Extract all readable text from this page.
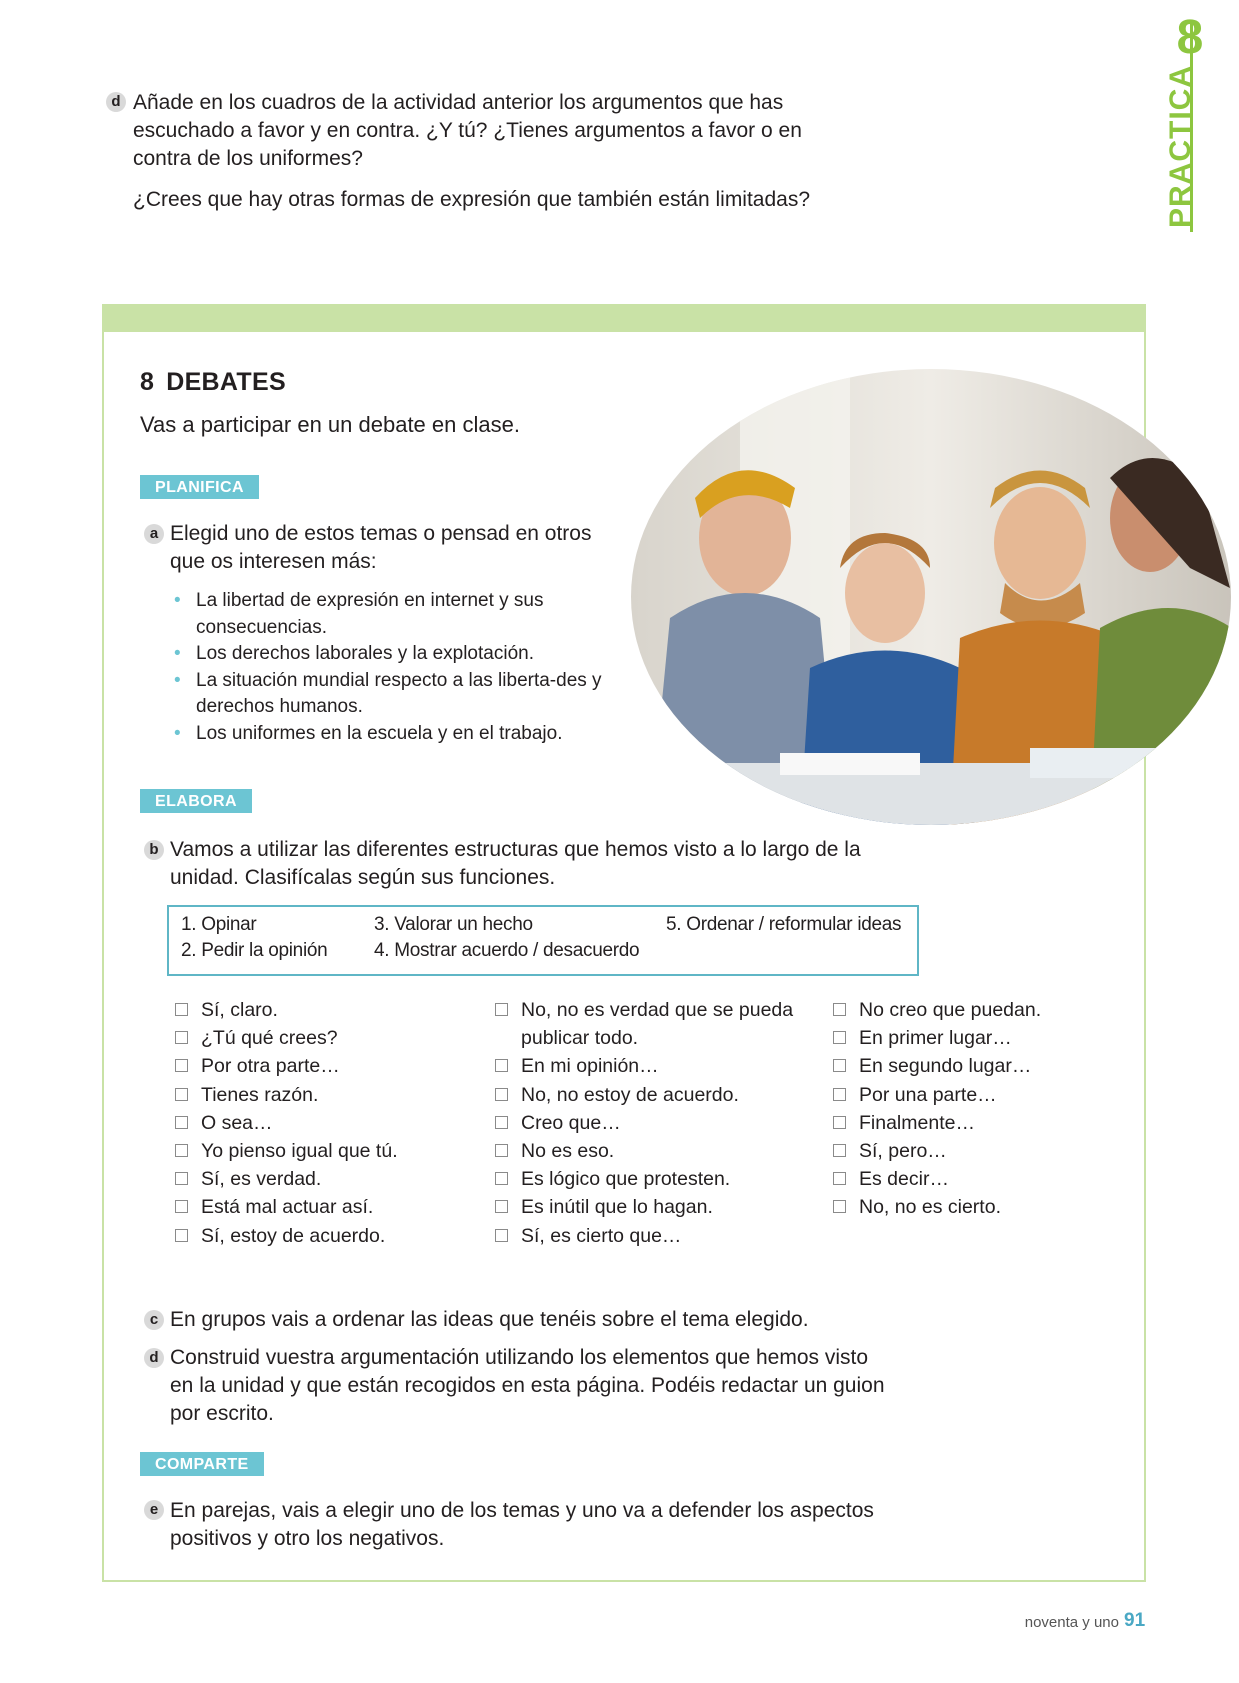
8
PRACTICA
d Añade en los cuadros de la actividad anterior los argumentos que has escuchado a favor y en contra. ¿Y tú? ¿Tienes argumentos a favor o en contra de los uniformes?
¿Crees que hay otras formas de expresión que también están limitadas?
8 DEBATES
Vas a participar en un debate en clase.
PLANIFICA
a Elegid uno de estos temas o pensad en otros que os interesen más:
• La libertad de expresión en internet y sus consecuencias.
• Los derechos laborales y la explotación.
• La situación mundial respecto a las liberta-des y derechos humanos.
• Los uniformes en la escuela y en el trabajo.
ELABORA
b Vamos a utilizar las diferentes estructuras que hemos visto a lo largo de la unidad. Clasifícalas según sus funciones.
1. Opinar
2. Pedir la opinión
3. Valorar un hecho
4. Mostrar acuerdo / desacuerdo
5. Ordenar / reformular ideas
Sí, claro.
¿Tú qué crees?
Por otra parte…
Tienes razón.
O sea…
Yo pienso igual que tú.
Sí, es verdad.
Está mal actuar así.
Sí, estoy de acuerdo.
No, no es verdad que se pueda publicar todo.
En mi opinión…
No, no estoy de acuerdo.
Creo que…
No es eso.
Es lógico que protesten.
Es inútil que lo hagan.
Sí, es cierto que…
No creo que puedan.
En primer lugar…
En segundo lugar…
Por una parte…
Finalmente…
Sí, pero…
Es decir…
No, no es cierto.
c En grupos vais a ordenar las ideas que tenéis sobre el tema elegido.
d Construid vuestra argumentación utilizando los elementos que hemos visto en la unidad y que están recogidos en esta página. Podéis redactar un guion por escrito.
COMPARTE
e En parejas, vais a elegir uno de los temas y uno va a defender los aspectos positivos y otro los negativos.
noventa y uno 91
